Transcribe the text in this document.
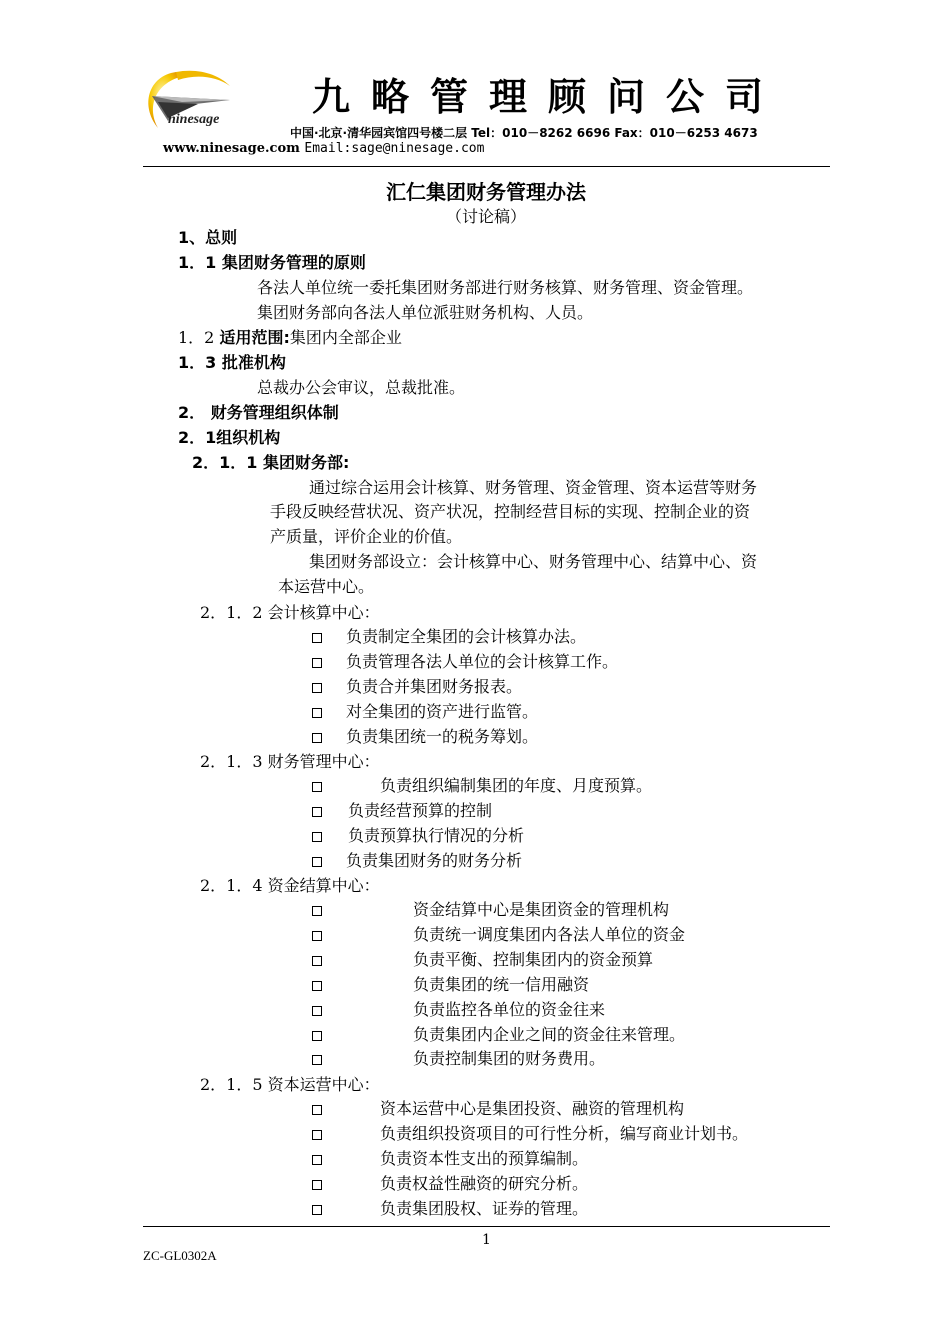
ninesage
九略管理顾问公司
中国·北京·清华园宾馆四号楼二层 Tel：010－8262 6696 Fax：010－6253 4673
www.ninesage.com Email:sage@ninesage.com
汇仁集团财务管理办法
（讨论稿）
1、总则
1．1 集团财务管理的原则
各法人单位统一委托集团财务部进行财务核算、财务管理、资金管理。
集团财务部向各法人单位派驻财务机构、人员。
1．2 适用范围:集团内全部企业
1．3 批准机构
总裁办公会审议，总裁批准。
2． 财务管理组织体制
2．1组织机构
2．1．1 集团财务部:
通过综合运用会计核算、财务管理、资金管理、资本运营等财务
手段反映经营状况、资产状况，控制经营目标的实现、控制企业的资
产质量，评价企业的价值。
集团财务部设立：会计核算中心、财务管理中心、结算中心、资
本运营中心。
2．1．2 会计核算中心：
负责制定全集团的会计核算办法。
负责管理各法人单位的会计核算工作。
负责合并集团财务报表。
对全集团的资产进行监管。
负责集团统一的税务筹划。
2．1．3 财务管理中心：
负责组织编制集团的年度、月度预算。
负责经营预算的控制
负责预算执行情况的分析
负责集团财务的财务分析
2．1．4 资金结算中心：
资金结算中心是集团资金的管理机构
负责统一调度集团内各法人单位的资金
负责平衡、控制集团内的资金预算
负责集团的统一信用融资
负责监控各单位的资金往来
负责集团内企业之间的资金往来管理。
负责控制集团的财务费用。
2．1．5 资本运营中心：
资本运营中心是集团投资、融资的管理机构
负责组织投资项目的可行性分析，编写商业计划书。
负责资本性支出的预算编制。
负责权益性融资的研究分析。
负责集团股权、证券的管理。
1
ZC-GL0302A
